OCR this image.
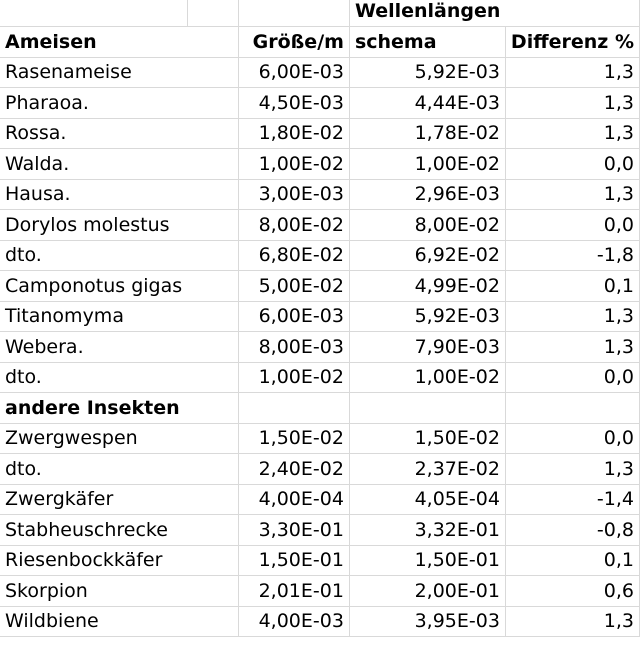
			Wellenlängen	
Ameisen		Größe/m	schema	Differenz %
Rasenameise		6,00E-03	5,92E-03	1,3
Pharaoa.		4,50E-03	4,44E-03	1,3
Rossa.		1,80E-02	1,78E-02	1,3
Walda.		1,00E-02	1,00E-02	0,0
Hausa.		3,00E-03	2,96E-03	1,3
Dorylos molestus		8,00E-02	8,00E-02	0,0
dto.		6,80E-02	6,92E-02	-1,8
Camponotus gigas		5,00E-02	4,99E-02	0,1
Titanomyma		6,00E-03	5,92E-03	1,3
Webera.		8,00E-03	7,90E-03	1,3
dto.		1,00E-02	1,00E-02	0,0
andere Insekten				
Zwergwespen		1,50E-02	1,50E-02	0,0
dto.		2,40E-02	2,37E-02	1,3
Zwergkäfer		4,00E-04	4,05E-04	-1,4
Stabheuschrecke		3,30E-01	3,32E-01	-0,8
Riesenbockkäfer		1,50E-01	1,50E-01	0,1
Skorpion		2,01E-01	2,00E-01	0,6
Wildbiene		4,00E-03	3,95E-03	1,3
